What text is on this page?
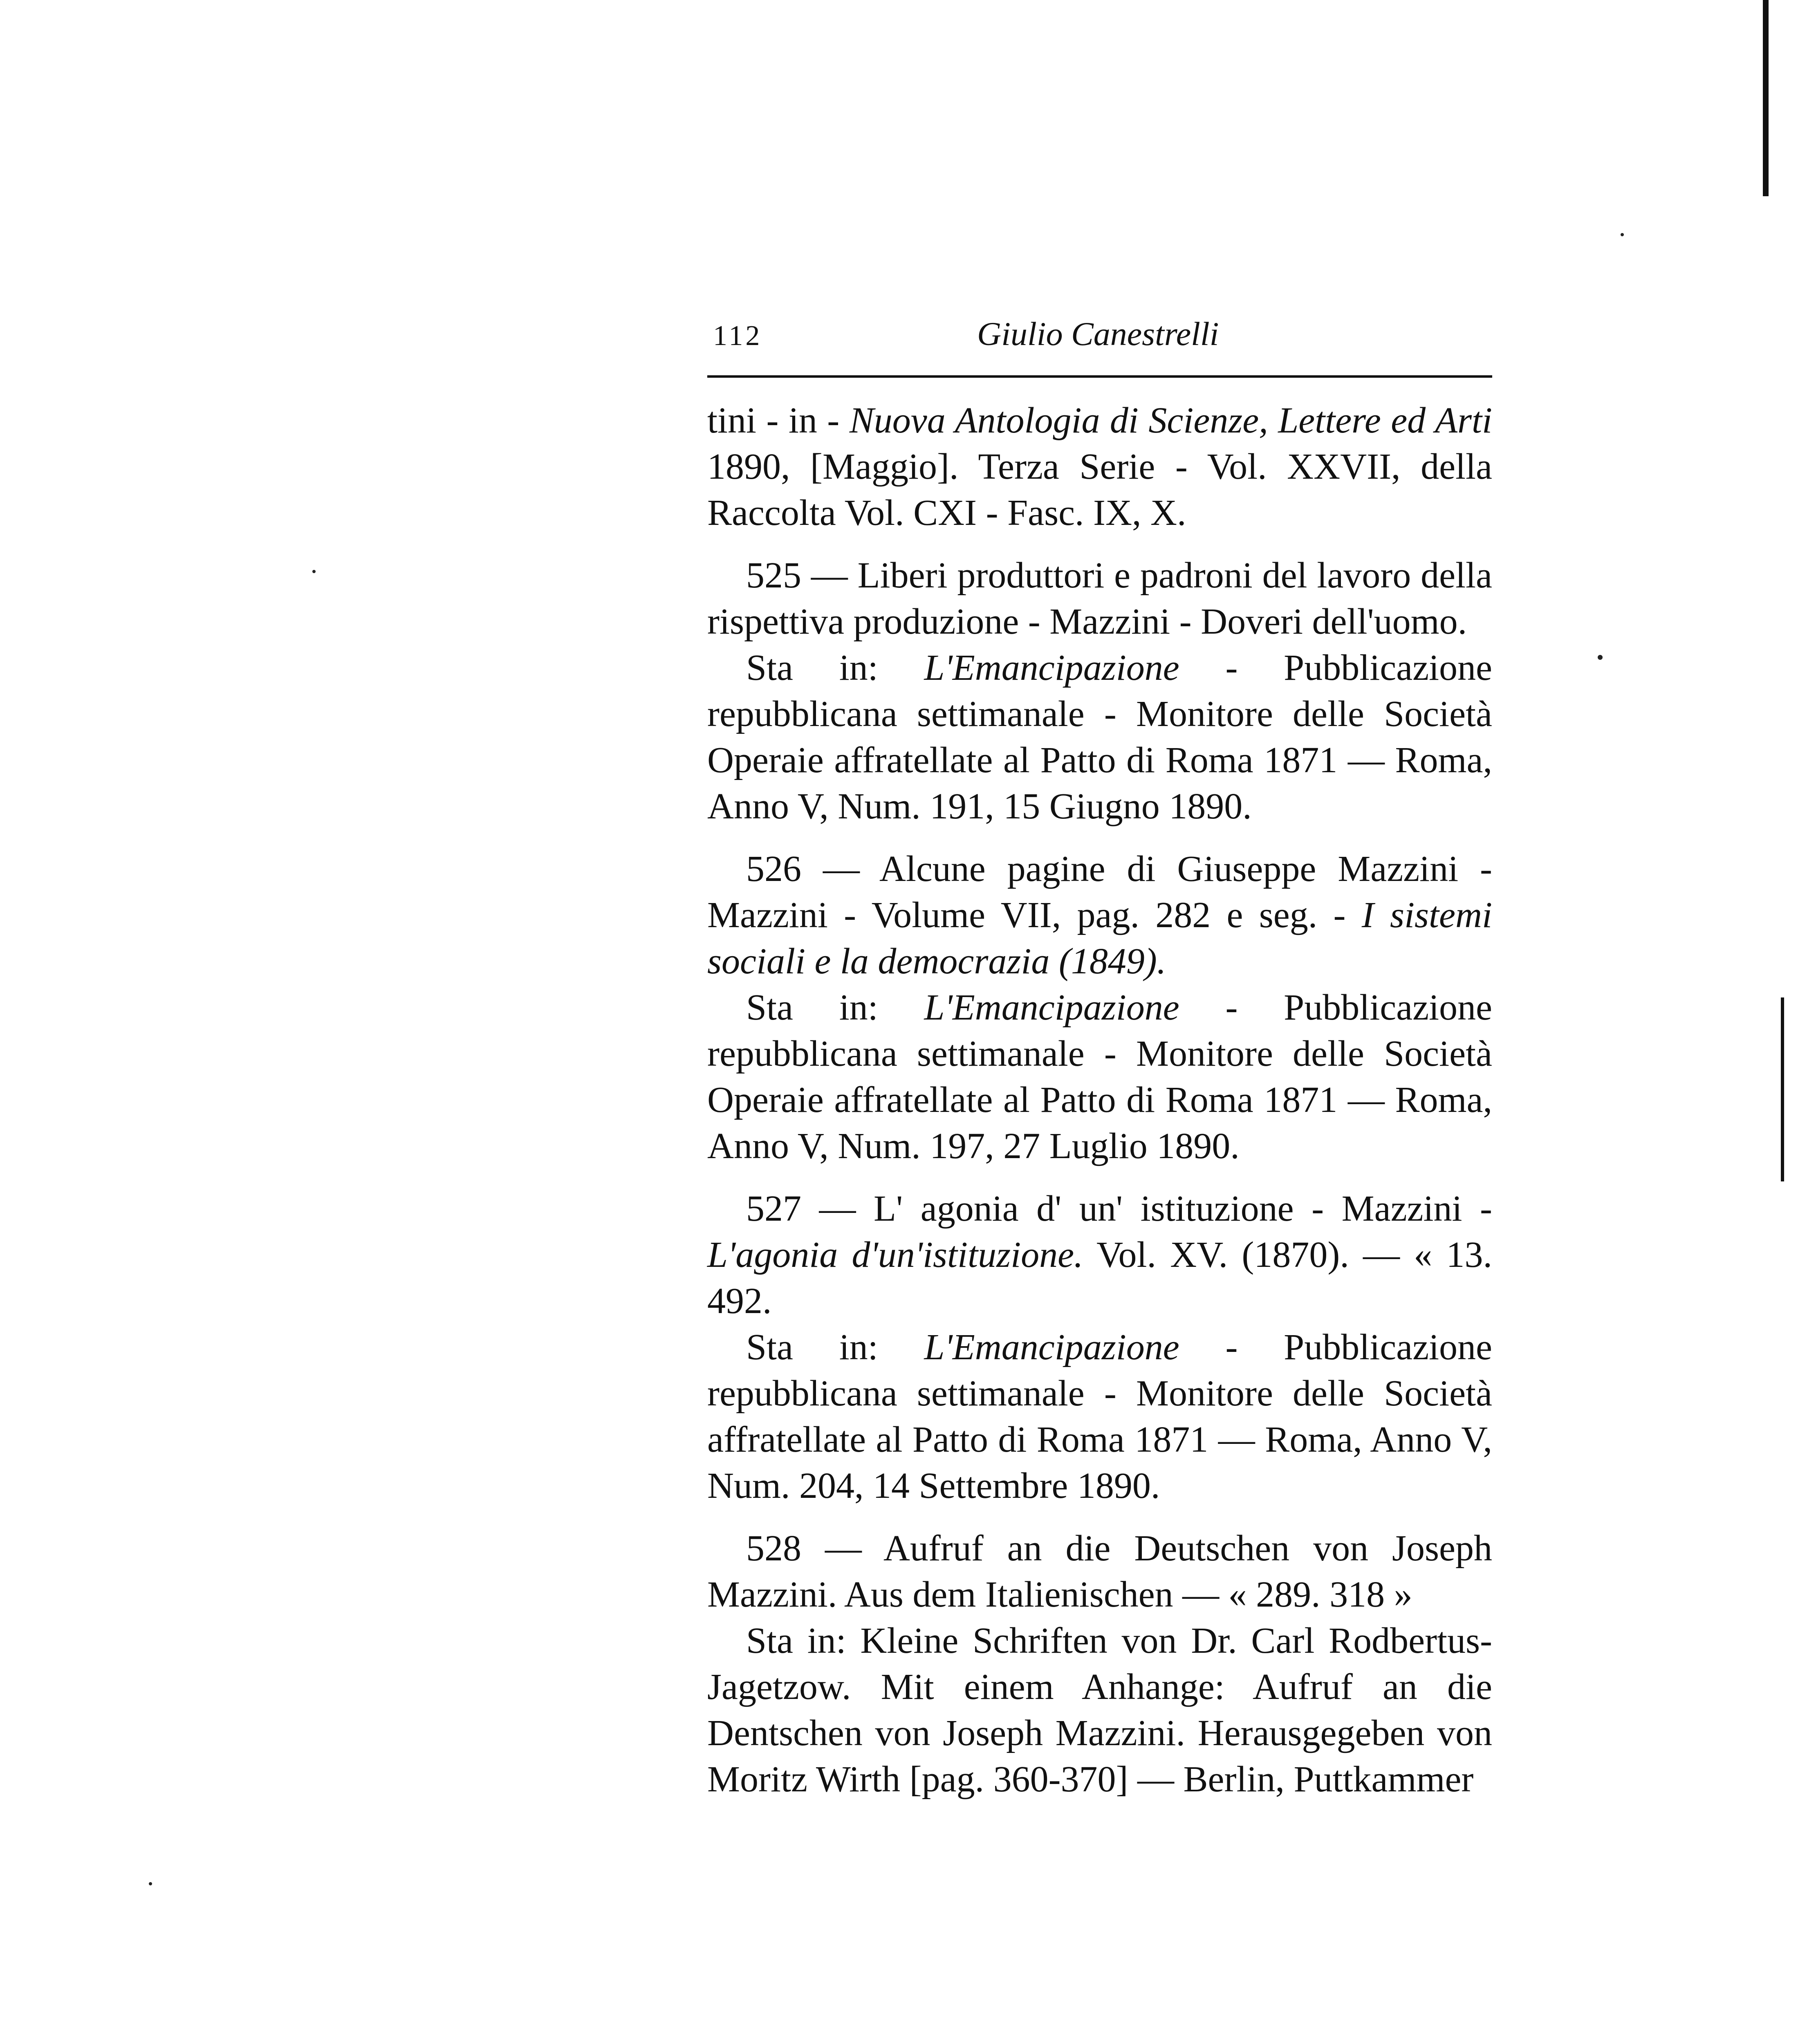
112	Giulio Canestrelli

tini - in - Nuova Antologia di Scienze, Lettere ed Arti 1890, [Maggio]. Terza Serie - Vol. XXVII, della Raccolta Vol. CXI - Fasc. IX, X.

525 — Liberi produttori e padroni del lavoro della rispettiva produzione - Mazzini - Doveri dell'uomo.

Sta in: L'Emancipazione - Pubblicazione repubblicana settimanale - Monitore delle Società Operaie affratellate al Patto di Roma 1871 — Roma, Anno V, Num. 191, 15 Giugno 1890.

526 — Alcune pagine di Giuseppe Mazzini - Mazzini - Volume VII, pag. 282 e seg. - I sistemi sociali e la democrazia (1849).

Sta in: L'Emancipazione - Pubblicazione repubblicana settimanale - Monitore delle Società Operaie affratellate al Patto di Roma 1871 — Roma, Anno V, Num. 197, 27 Luglio 1890.

527 — L' agonia d' un' istituzione - Mazzini - L'agonia d'un'istituzione. Vol. XV. (1870). — « 13. 492.

Sta in: L'Emancipazione - Pubblicazione repubblicana settimanale - Monitore delle Società affratellate al Patto di Roma 1871 — Roma, Anno V, Num. 204, 14 Settembre 1890.

528 — Aufruf an die Deutschen von Joseph Mazzini. Aus dem Italienischen — « 289. 318 »

Sta in: Kleine Schriften von Dr. Carl Rodbertus-Jagetzow. Mit einem Anhange: Aufruf an die Dentschen von Joseph Mazzini. Herausgegeben von Moritz Wirth [pag. 360-370] — Berlin, Puttkammer
